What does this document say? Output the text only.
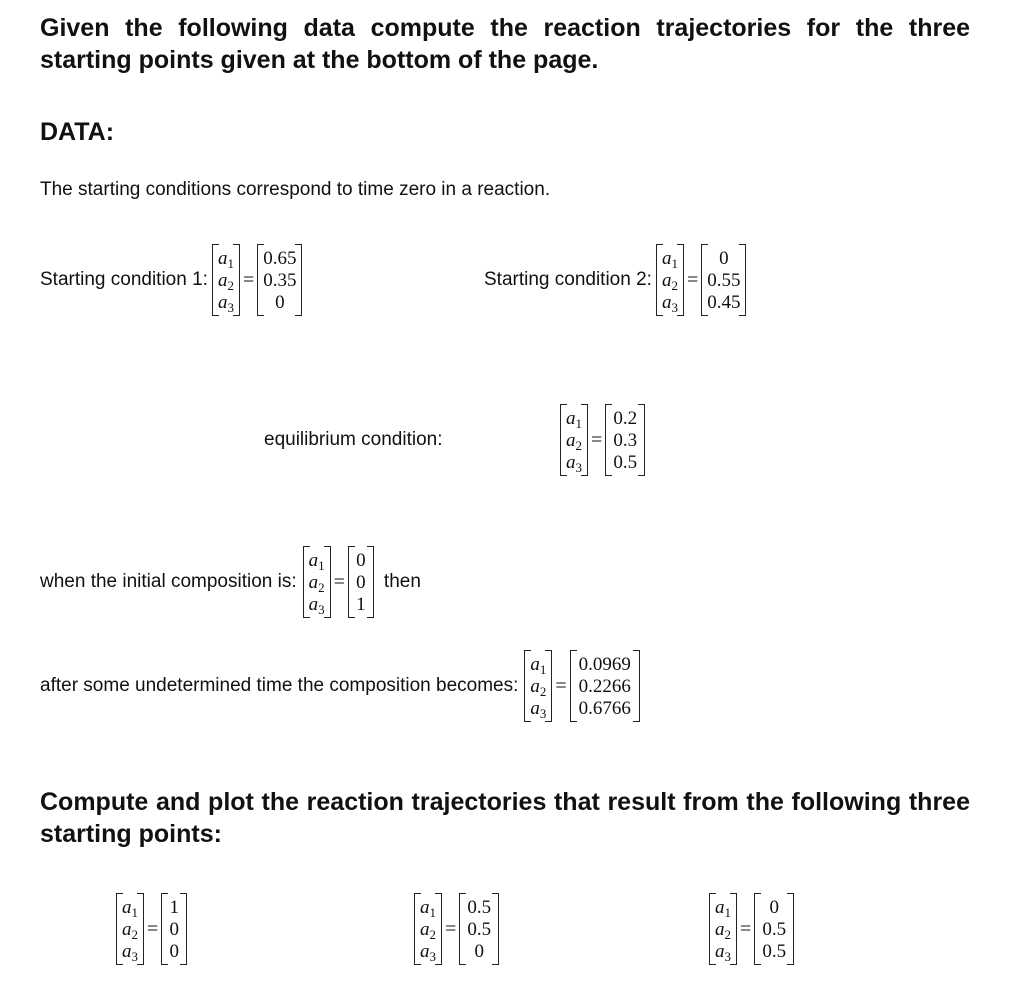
Given the following data compute the reaction trajectories for the three starting points given at the bottom of the page.
DATA:
The starting conditions correspond to time zero in a reaction.
Starting condition 1:
$a_1$
$a_2$
$a_3$
=
0.65
0.35
0
Starting condition 2:
$a_1$
$a_2$
$a_3$
=
0
0.55
0.45
equilibrium condition:
$a_1$
$a_2$
$a_3$
=
0.2
0.3
0.5
when the initial composition is:
$a_1$
$a_2$
$a_3$
=
0
0
1
then
after some undetermined time the composition becomes:
$a_1$
$a_2$
$a_3$
=
0.0969
0.2266
0.6766
Compute and plot the reaction trajectories that result from the following three starting points:
$a_1$
$a_2$
$a_3$
=
1
0
0
$a_1$
$a_2$
$a_3$
=
0.5
0.5
0
$a_1$
$a_2$
$a_3$
=
0
0.5
0.5
